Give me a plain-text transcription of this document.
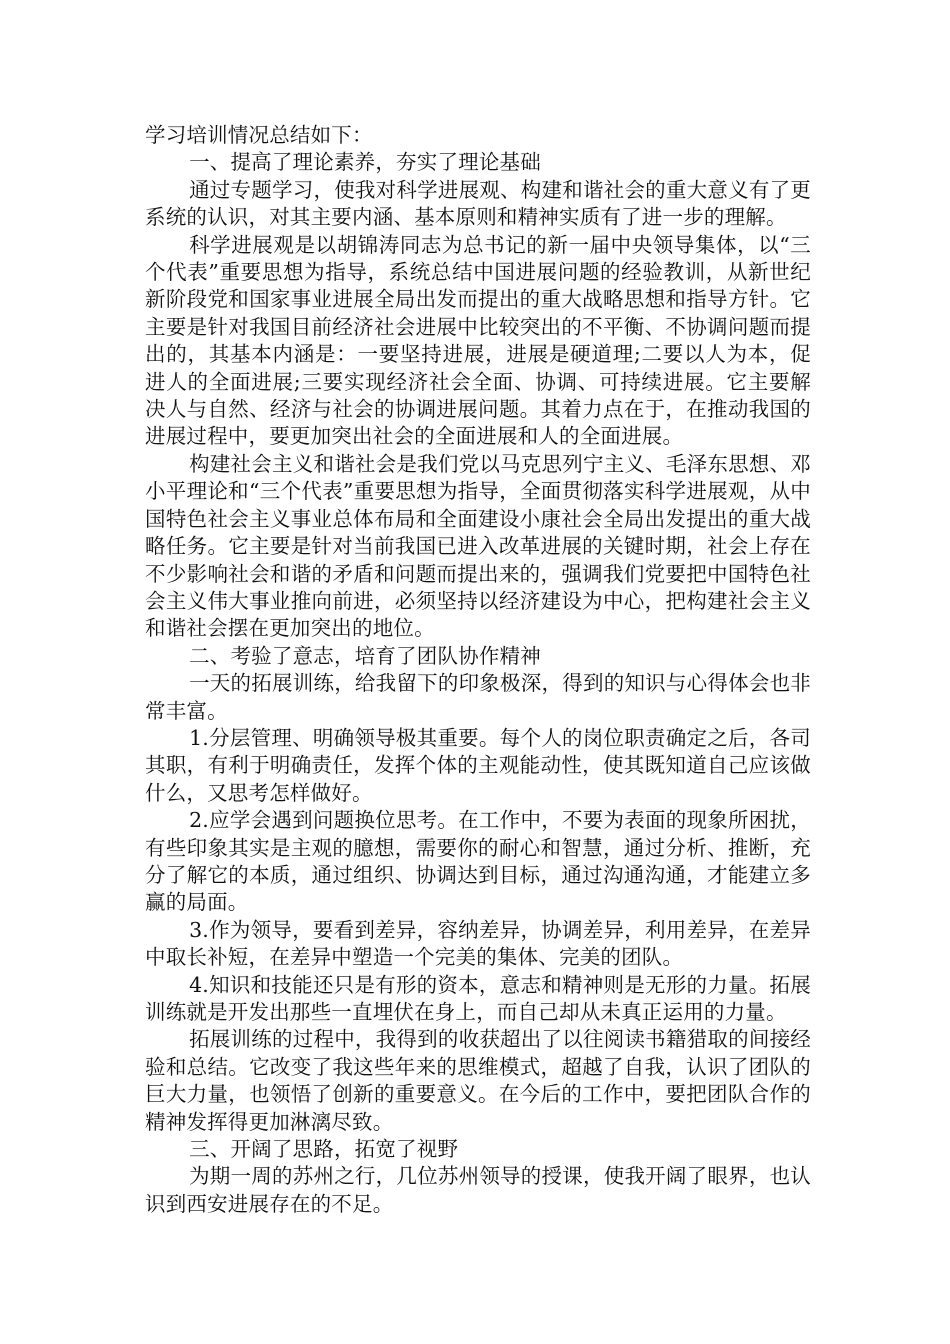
学习培训情况总结如下：

一、提高了理论素养，夯实了理论基础

通过专题学习，使我对科学进展观、构建和谐社会的重大意义有了更系统的认识，对其主要内涵、基本原则和精神实质有了进一步的理解。

科学进展观是以胡锦涛同志为总书记的新一届中央领导集体，以“三个代表”重要思想为指导，系统总结中国进展问题的经验教训，从新世纪新阶段党和国家事业进展全局出发而提出的重大战略思想和指导方针。它主要是针对我国目前经济社会进展中比较突出的不平衡、不协调问题而提出的，其基本内涵是：一要坚持进展，进展是硬道理;二要以人为本，促进人的全面进展;三要实现经济社会全面、协调、可持续进展。它主要解决人与自然、经济与社会的协调进展问题。其着力点在于，在推动我国的进展过程中，要更加突出社会的全面进展和人的全面进展。

构建社会主义和谐社会是我们党以马克思列宁主义、毛泽东思想、邓小平理论和“三个代表”重要思想为指导，全面贯彻落实科学进展观，从中国特色社会主义事业总体布局和全面建设小康社会全局出发提出的重大战略任务。它主要是针对当前我国已进入改革进展的关键时期，社会上存在不少影响社会和谐的矛盾和问题而提出来的，强调我们党要把中国特色社会主义伟大事业推向前进，必须坚持以经济建设为中心，把构建社会主义和谐社会摆在更加突出的地位。

二、考验了意志，培育了团队协作精神

一天的拓展训练，给我留下的印象极深，得到的知识与心得体会也非常丰富。

1.分层管理、明确领导极其重要。每个人的岗位职责确定之后，各司其职，有利于明确责任，发挥个体的主观能动性，使其既知道自己应该做什么，又思考怎样做好。

2.应学会遇到问题换位思考。在工作中，不要为表面的现象所困扰，有些印象其实是主观的臆想，需要你的耐心和智慧，通过分析、推断，充分了解它的本质，通过组织、协调达到目标，通过沟通沟通，才能建立多赢的局面。

3.作为领导，要看到差异，容纳差异，协调差异，利用差异，在差异中取长补短，在差异中塑造一个完美的集体、完美的团队。

4.知识和技能还只是有形的资本，意志和精神则是无形的力量。拓展训练就是开发出那些一直埋伏在身上，而自己却从未真正运用的力量。

拓展训练的过程中，我得到的收获超出了以往阅读书籍猎取的间接经验和总结。它改变了我这些年来的思维模式，超越了自我，认识了团队的巨大力量，也领悟了创新的重要意义。在今后的工作中，要把团队合作的精神发挥得更加淋漓尽致。

三、开阔了思路，拓宽了视野

为期一周的苏州之行，几位苏州领导的授课，使我开阔了眼界，也认识到西安进展存在的不足。
